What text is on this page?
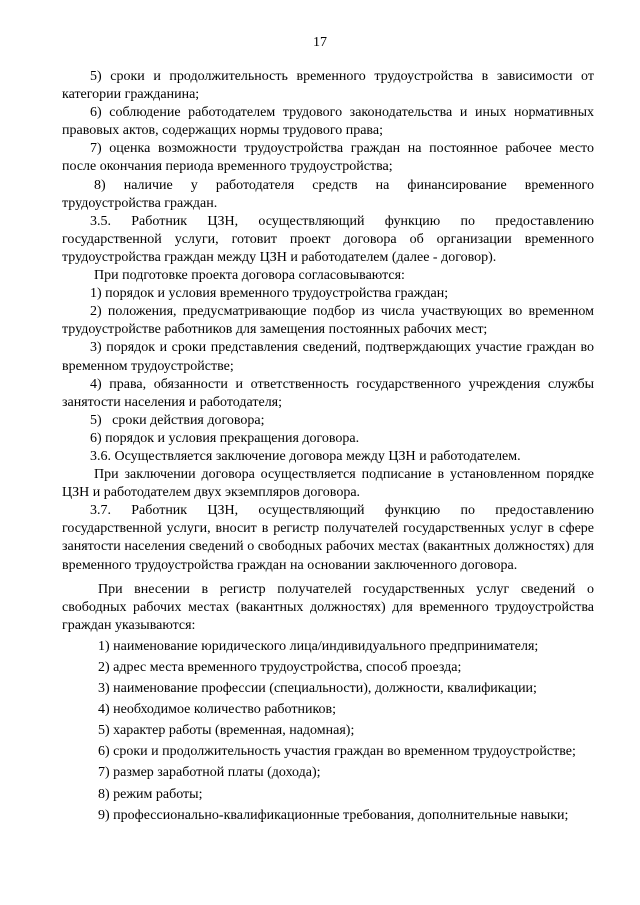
17

5) сроки и продолжительность временного трудоустройства в зависимости от категории гражданина;

6) соблюдение работодателем трудового законодательства и иных нормативных правовых актов, содержащих нормы трудового права;

7) оценка возможности трудоустройства граждан на постоянное рабочее место после окончания периода временного трудоустройства;

8) наличие у работодателя средств на финансирование временного трудоустройства граждан.

3.5. Работник ЦЗН, осуществляющий функцию по предоставлению государственной услуги, готовит проект договора об организации временного трудоустройства граждан между ЦЗН и работодателем (далее - договор).

При подготовке проекта договора согласовываются:

1) порядок и условия временного трудоустройства граждан;

2) положения, предусматривающие подбор из числа участвующих во временном трудоустройстве работников для замещения постоянных рабочих мест;

3) порядок и сроки представления сведений, подтверждающих участие граждан во временном трудоустройстве;

4) права, обязанности и ответственность государственного учреждения службы занятости населения и работодателя;

5)   сроки действия договора;

6) порядок и условия прекращения договора.

3.6. Осуществляется заключение договора между ЦЗН и работодателем.

При заключении договора осуществляется подписание в установленном порядке ЦЗН и работодателем двух экземпляров договора.

3.7. Работник ЦЗН, осуществляющий функцию по предоставлению государственной услуги, вносит в регистр получателей государственных услуг в сфере занятости населения сведений о свободных рабочих местах (вакантных должностях) для временного трудоустройства граждан на основании заключенного договора.

При внесении в регистр получателей государственных услуг сведений о свободных рабочих местах (вакантных должностях) для временного трудоустройства граждан указываются:

1) наименование юридического лица/индивидуального предпринимателя;

2) адрес места временного трудоустройства, способ проезда;

3) наименование профессии (специальности), должности, квалификации;

4) необходимое количество работников;

5) характер работы (временная, надомная);

6) сроки и продолжительность участия граждан во временном трудоустройстве;

7) размер заработной платы (дохода);

8) режим работы;

9) профессионально-квалификационные требования, дополнительные навыки;
